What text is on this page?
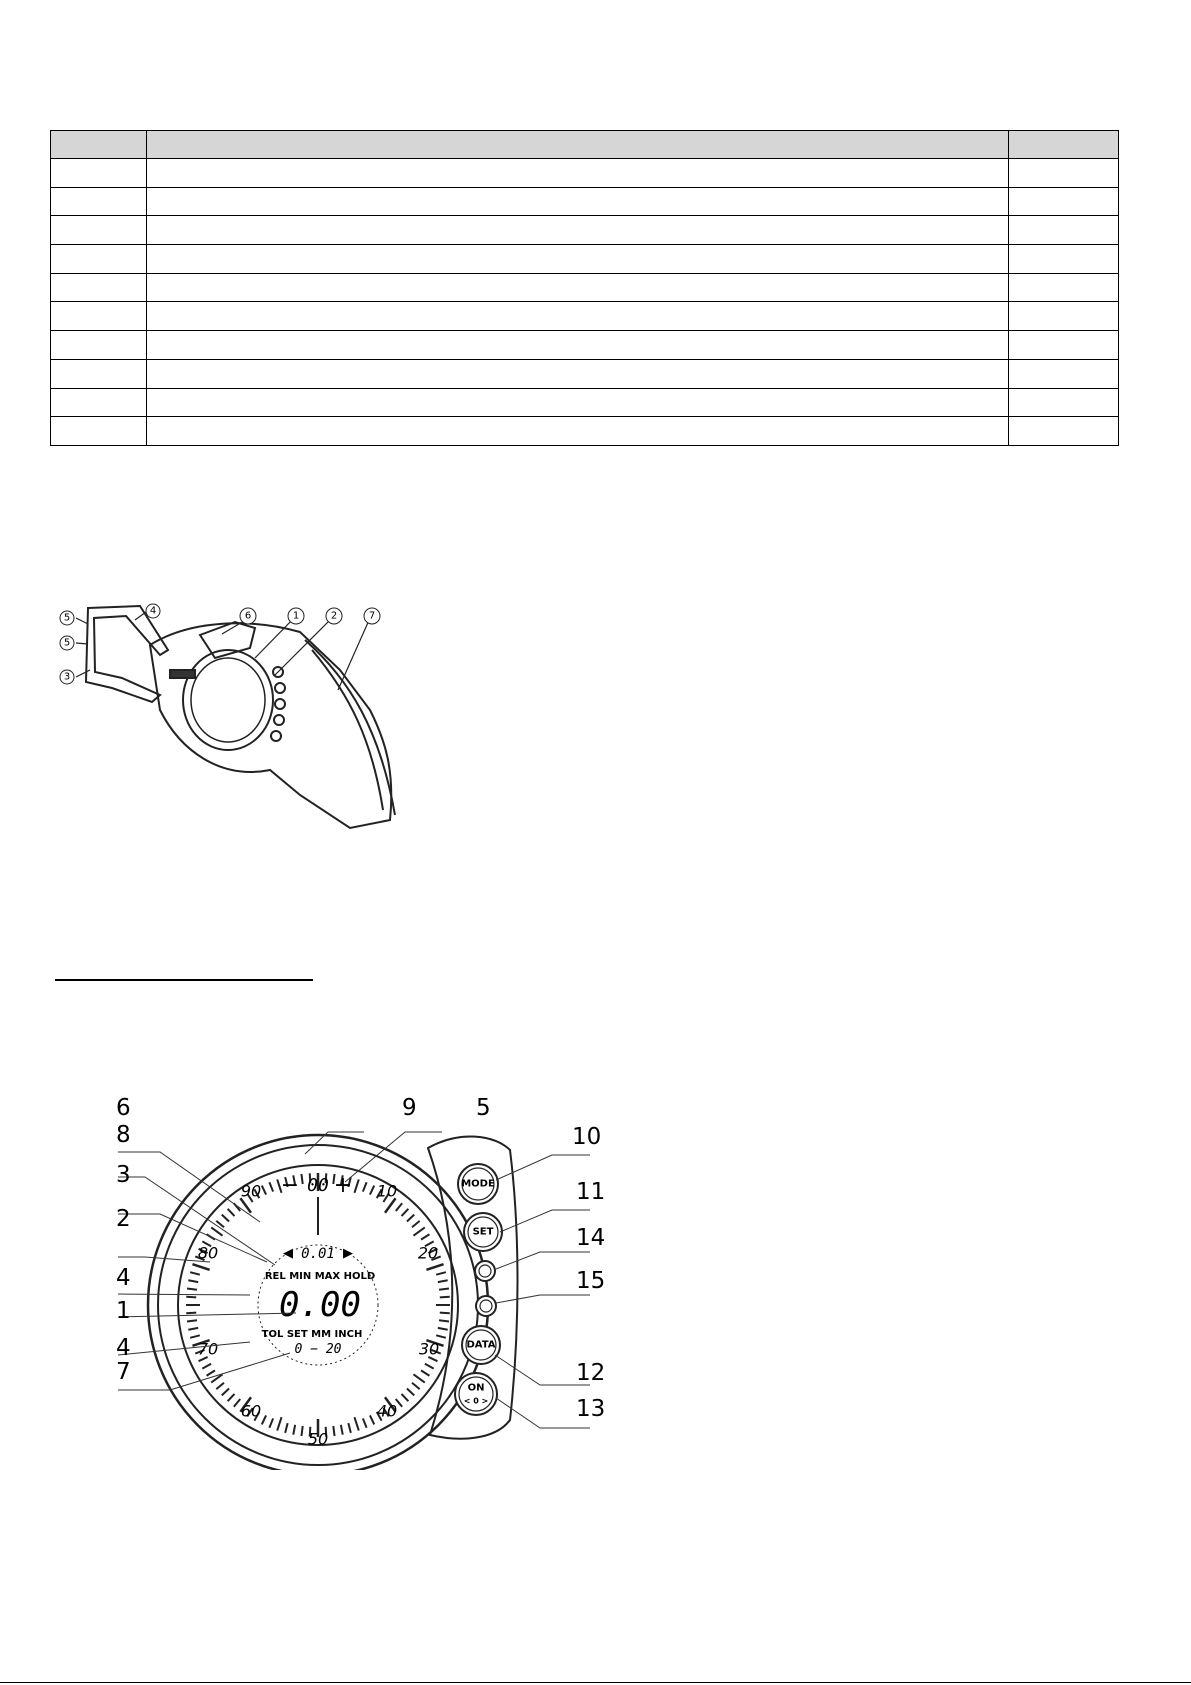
5
4
5
3
6	1	2	7
10
20
30
40
50
60
70
80
90 − 00 +
◀ 0.01 ▶
REL MIN MAX HOLD
0.00
TOL SET MM INCH
0 − 20
MODE
SET
DATA
ON
< 0 >
6
8
3
2
4
1
4
7
9	5
10
11
14
15
12
13
